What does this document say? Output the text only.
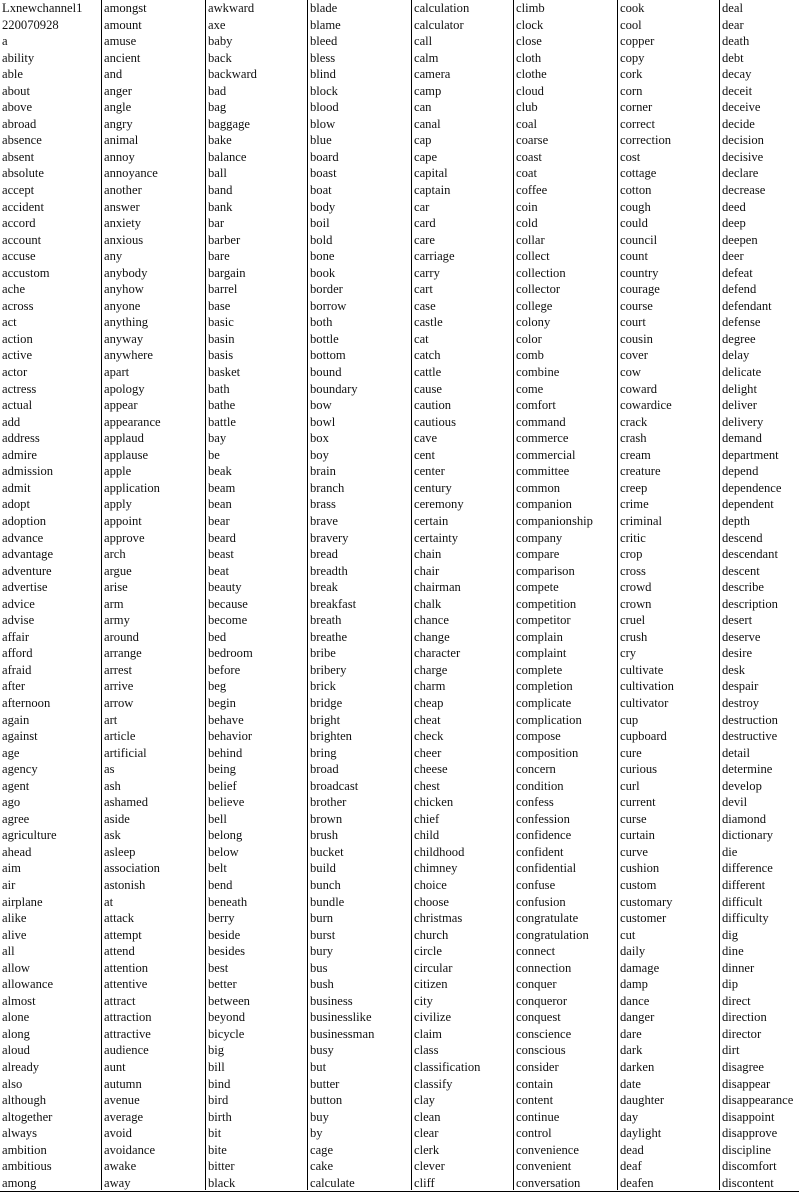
Lxnewchannel1
220070928
a
ability
able
about
above
abroad
absence
absent
absolute
accept
accident
accord
account
accuse
accustom
ache
across
act
action
active
actor
actress
actual
add
address
admire
admission
admit
adopt
adoption
advance
advantage
adventure
advertise
advice
advise
affair
afford
afraid
after
afternoon
again
against
age
agency
agent
ago
agree
agriculture
ahead
aim
air
airplane
alike
alive
all
allow
allowance
almost
alone
along
aloud
already
also
although
altogether
always
ambition
ambitious
among
amongst
amount
amuse
ancient
and
anger
angle
angry
animal
annoy
annoyance
another
answer
anxiety
anxious
any
anybody
anyhow
anyone
anything
anyway
anywhere
apart
apology
appear
appearance
applaud
applause
apple
application
apply
appoint
approve
arch
argue
arise
arm
army
around
arrange
arrest
arrive
arrow
art
article
artificial
as
ash
ashamed
aside
ask
asleep
association
astonish
at
attack
attempt
attend
attention
attentive
attract
attraction
attractive
audience
aunt
autumn
avenue
average
avoid
avoidance
awake
away
awkward
axe
baby
back
backward
bad
bag
baggage
bake
balance
ball
band
bank
bar
barber
bare
bargain
barrel
base
basic
basin
basis
basket
bath
bathe
battle
bay
be
beak
beam
bean
bear
beard
beast
beat
beauty
because
become
bed
bedroom
before
beg
begin
behave
behavior
behind
being
belief
believe
bell
belong
below
belt
bend
beneath
berry
beside
besides
best
better
between
beyond
bicycle
big
bill
bind
bird
birth
bit
bite
bitter
black
blade
blame
bleed
bless
blind
block
blood
blow
blue
board
boast
boat
body
boil
bold
bone
book
border
borrow
both
bottle
bottom
bound
boundary
bow
bowl
box
boy
brain
branch
brass
brave
bravery
bread
breadth
break
breakfast
breath
breathe
bribe
bribery
brick
bridge
bright
brighten
bring
broad
broadcast
brother
brown
brush
bucket
build
bunch
bundle
burn
burst
bury
bus
bush
business
businesslike
businessman
busy
but
butter
button
buy
by
cage
cake
calculate
calculation
calculator
call
calm
camera
camp
can
canal
cap
cape
capital
captain
car
card
care
carriage
carry
cart
case
castle
cat
catch
cattle
cause
caution
cautious
cave
cent
center
century
ceremony
certain
certainty
chain
chair
chairman
chalk
chance
change
character
charge
charm
cheap
cheat
check
cheer
cheese
chest
chicken
chief
child
childhood
chimney
choice
choose
christmas
church
circle
circular
citizen
city
civilize
claim
class
classification
classify
clay
clean
clear
clerk
clever
cliff
climb
clock
close
cloth
clothe
cloud
club
coal
coarse
coast
coat
coffee
coin
cold
collar
collect
collection
collector
college
colony
color
comb
combine
come
comfort
command
commerce
commercial
committee
common
companion
companionship
company
compare
comparison
compete
competition
competitor
complain
complaint
complete
completion
complicate
complication
compose
composition
concern
condition
confess
confession
confidence
confident
confidential
confuse
confusion
congratulate
congratulation
connect
connection
conquer
conqueror
conquest
conscience
conscious
consider
contain
content
continue
control
convenience
convenient
conversation
cook
cool
copper
copy
cork
corn
corner
correct
correction
cost
cottage
cotton
cough
could
council
count
country
courage
course
court
cousin
cover
cow
coward
cowardice
crack
crash
cream
creature
creep
crime
criminal
critic
crop
cross
crowd
crown
cruel
crush
cry
cultivate
cultivation
cultivator
cup
cupboard
cure
curious
curl
current
curse
curtain
curve
cushion
custom
customary
customer
cut
daily
damage
damp
dance
danger
dare
dark
darken
date
daughter
day
daylight
dead
deaf
deafen
deal
dear
death
debt
decay
deceit
deceive
decide
decision
decisive
declare
decrease
deed
deep
deepen
deer
defeat
defend
defendant
defense
degree
delay
delicate
delight
deliver
delivery
demand
department
depend
dependence
dependent
depth
descend
descendant
descent
describe
description
desert
deserve
desire
desk
despair
destroy
destruction
destructive
detail
determine
develop
devil
diamond
dictionary
die
difference
different
difficult
difficulty
dig
dine
dinner
dip
direct
direction
director
dirt
disagree
disappear
disappearance
disappoint
disapprove
discipline
discomfort
discontent
